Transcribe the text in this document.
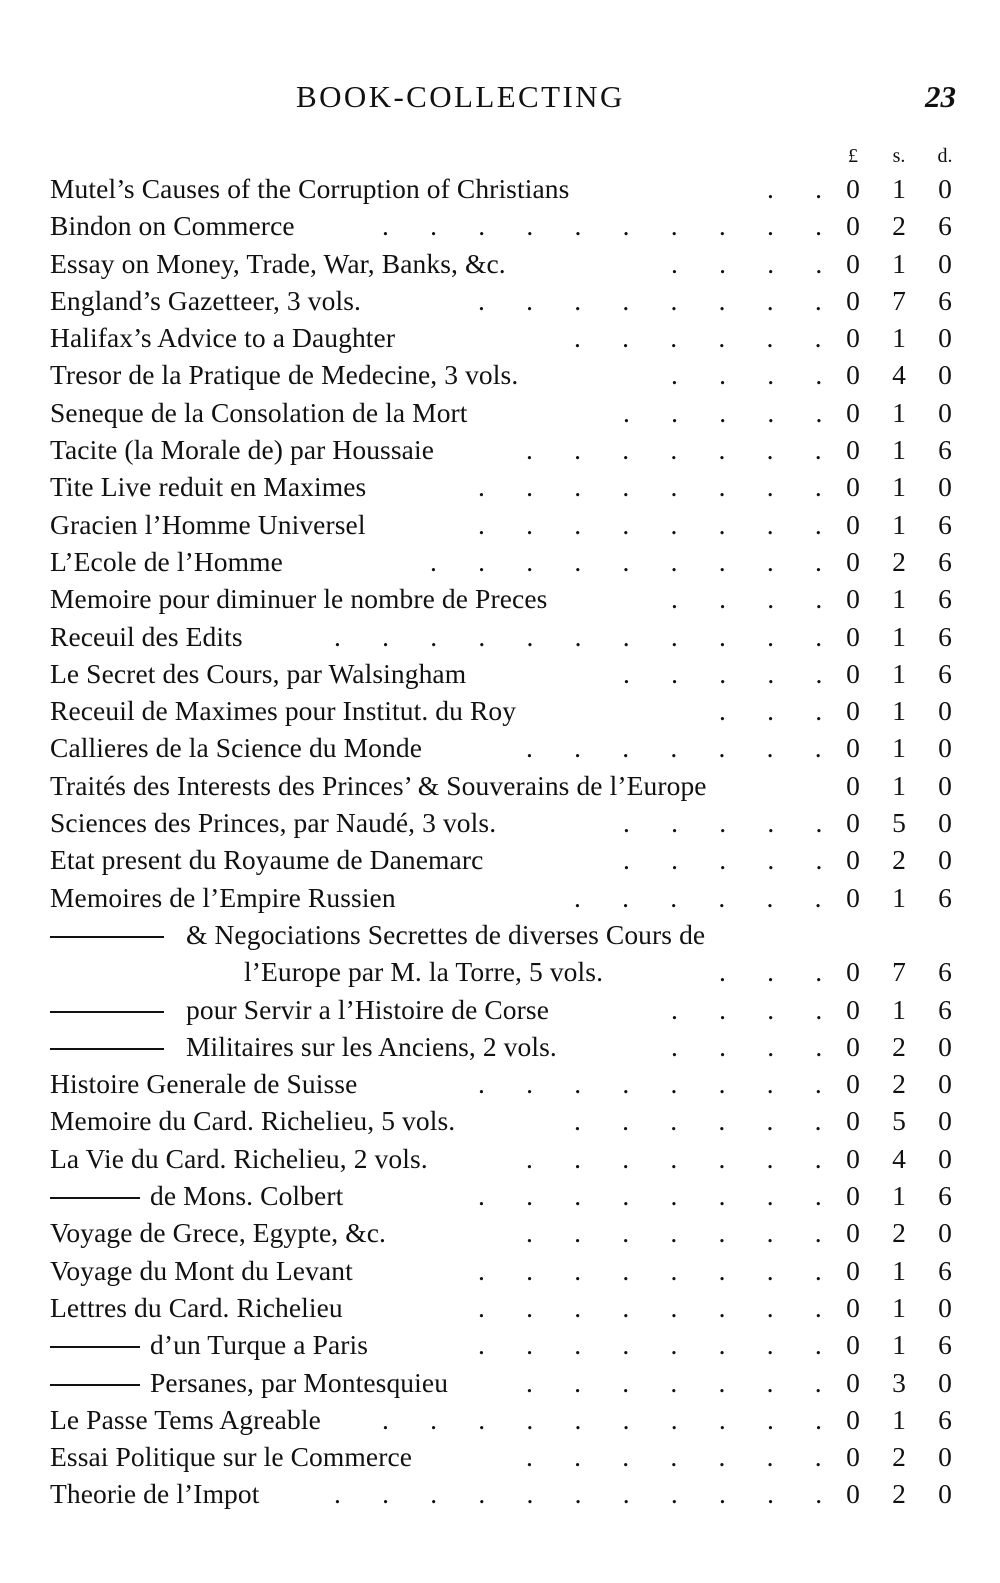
BOOK-COLLECTING	23
£	s.	d.
Mutel’s Causes of the Corruption of Christians	.      . 0 1 0
Bindon on Commerce	.      .      .      .      .      .      .      .      .      . 0 2 6
Essay on Money, Trade, War, Banks, &c.	.      .      .      . 0 1 0
England’s Gazetteer, 3 vols.	.      .      .      .      .      .      .      . 0 7 6
Halifax’s Advice to a Daughter	.      .      .      .      .      . 0 1 0
Tresor de la Pratique de Medecine, 3 vols.	.      .      .      . 0 4 0
Seneque de la Consolation de la Mort	.      .      .      .      . 0 1 0
Tacite (la Morale de) par Houssaie	.      .      .      .      .      .      . 0 1 6
Tite Live reduit en Maximes	.      .      .      .      .      .      .      . 0 1 0
Gracien l’Homme Universel	.      .      .      .      .      .      .      . 0 1 6
L’Ecole de l’Homme	.      .      .      .      .      .      .      .      . 0 2 6
Memoire pour diminuer le nombre de Preces	.      .      .      . 0 1 6
Receuil des Edits	.      .      .      .      .      .      .      .      .      .      . 0 1 6
Le Secret des Cours, par Walsingham	.      .      .      .      . 0 1 6
Receuil de Maximes pour Institut. du Roy	.      .      . 0 1 0
Callieres de la Science du Monde	.      .      .      .      .      .      . 0 1 0
Traités des Interests des Princes’ & Souverains de l’Europe	0 1 0
Sciences des Princes, par Naudé, 3 vols.	.      .      .      .      . 0 5 0
Etat present du Royaume de Danemarc	.      .      .      .      . 0 2 0
Memoires de l’Empire Russien	.      .      .      .      .      . 0 1 6
& Negociations Secrettes de diverses Cours de
l’Europe par M. la Torre, 5 vols.	.      .      . 0 7 6
pour Servir a l’Histoire de Corse	.      .      .      . 0 1 6
Militaires sur les Anciens, 2 vols.	.      .      .      . 0 2 0
Histoire Generale de Suisse	.      .      .      .      .      .      .      . 0 2 0
Memoire du Card. Richelieu, 5 vols.	.      .      .      .      .      . 0 5 0
La Vie du Card. Richelieu, 2 vols.	.      .      .      .      .      .      . 0 4 0
de Mons. Colbert	.      .      .      .      .      .      .      . 0 1 6
Voyage de Grece, Egypte, &c.	.      .      .      .      .      .      . 0 2 0
Voyage du Mont du Levant	.      .      .      .      .      .      .      . 0 1 6
Lettres du Card. Richelieu	.      .      .      .      .      .      .      . 0 1 0
d’un Turque a Paris	.      .      .      .      .      .      .      . 0 1 6
Persanes, par Montesquieu	.      .      .      .      .      .      . 0 3 0
Le Passe Tems Agreable .      .      .      .      .      .      .      .      .      . 0 1 6
Essai Politique sur le Commerce	.      .      .      .      .      .      . 0 2 0
Theorie de l’Impot	.      .      .      .      .      .      .      .      .      .      . 0 2 0
